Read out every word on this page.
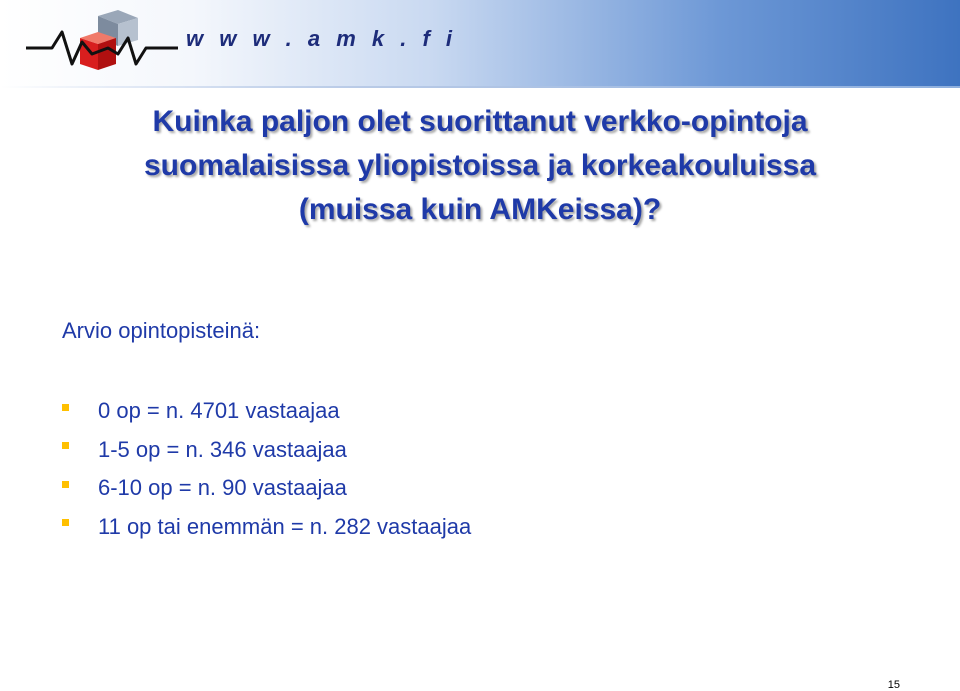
w w w . a m k . f i
Kuinka paljon olet suorittanut verkko-opintoja
suomalaisissa yliopistoissa ja korkeakouluissa
(muissa kuin AMKeissa)?
Arvio opintopisteinä:
0 op = n. 4701 vastaajaa
1-5 op = n. 346 vastaajaa
6-10 op = n. 90 vastaajaa
11 op tai enemmän = n. 282 vastaajaa
15
